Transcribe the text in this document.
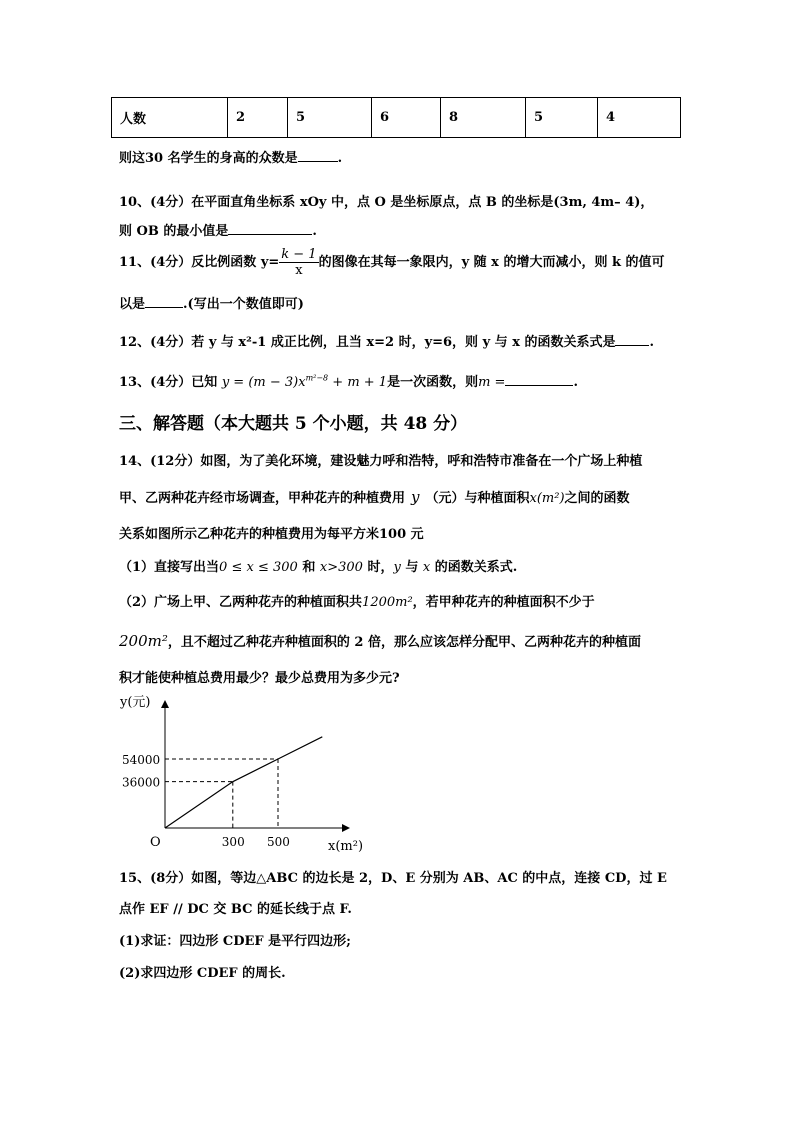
人数	2	5	6	8	5	4
则这30 名学生的身高的众数是	.
10、(4分）在平面直角坐标系 xOy 中，点 O 是坐标原点，点 B 的坐标是(3m, 4m– 4)，
则 OB 的最小值是	.
11、(4分）反比例函数 $y= \frac{k - 1}{x}$ 的图像在其每一象限内，y 随 x 的增大而减小，则 k 的值可
以是	.(写出一个数值即可)
12、(4分）若 y 与 x²-1 成正比例，且当 x=2 时，y=6，则 y 与 x 的函数关系式是	.
13、(4分）已知 $y = (m - 3)x^{m^2-8} + m + 1$是一次函数，则m =	.
三、解答题（本大题共 5 个小题，共 48 分）
14、(12分）如图，为了美化环境，建设魅力呼和浩特，呼和浩特市准备在一个广场上种植
甲、乙两种花卉经市场调查，甲种花卉的种植费用 y （元）与种植面积x(m²)之间的函数
关系如图所示乙种花卉的种植费用为每平方米100 元
（1）直接写出当0 ≤ x ≤ 300 和 x>300 时，y 与 x 的函数关系式.
（2）广场上甲、乙两种花卉的种植面积共1200m²，若甲种花卉的种植面积不少于
200m²，且不超过乙种花卉种植面积的 2 倍，那么应该怎样分配甲、乙两种花卉的种植面
积才能使种植总费用最少？最少总费用为多少元?
y(元)
x(m²)
O
54000
36000
300 500
15、(8分）如图，等边△ABC 的边长是 2，D、E 分别为 AB、AC 的中点，连接 CD，过 E
点作 EF // DC 交 BC 的延长线于点 F.
(1)求证：四边形 CDEF 是平行四边形;
(2)求四边形 CDEF 的周长.
